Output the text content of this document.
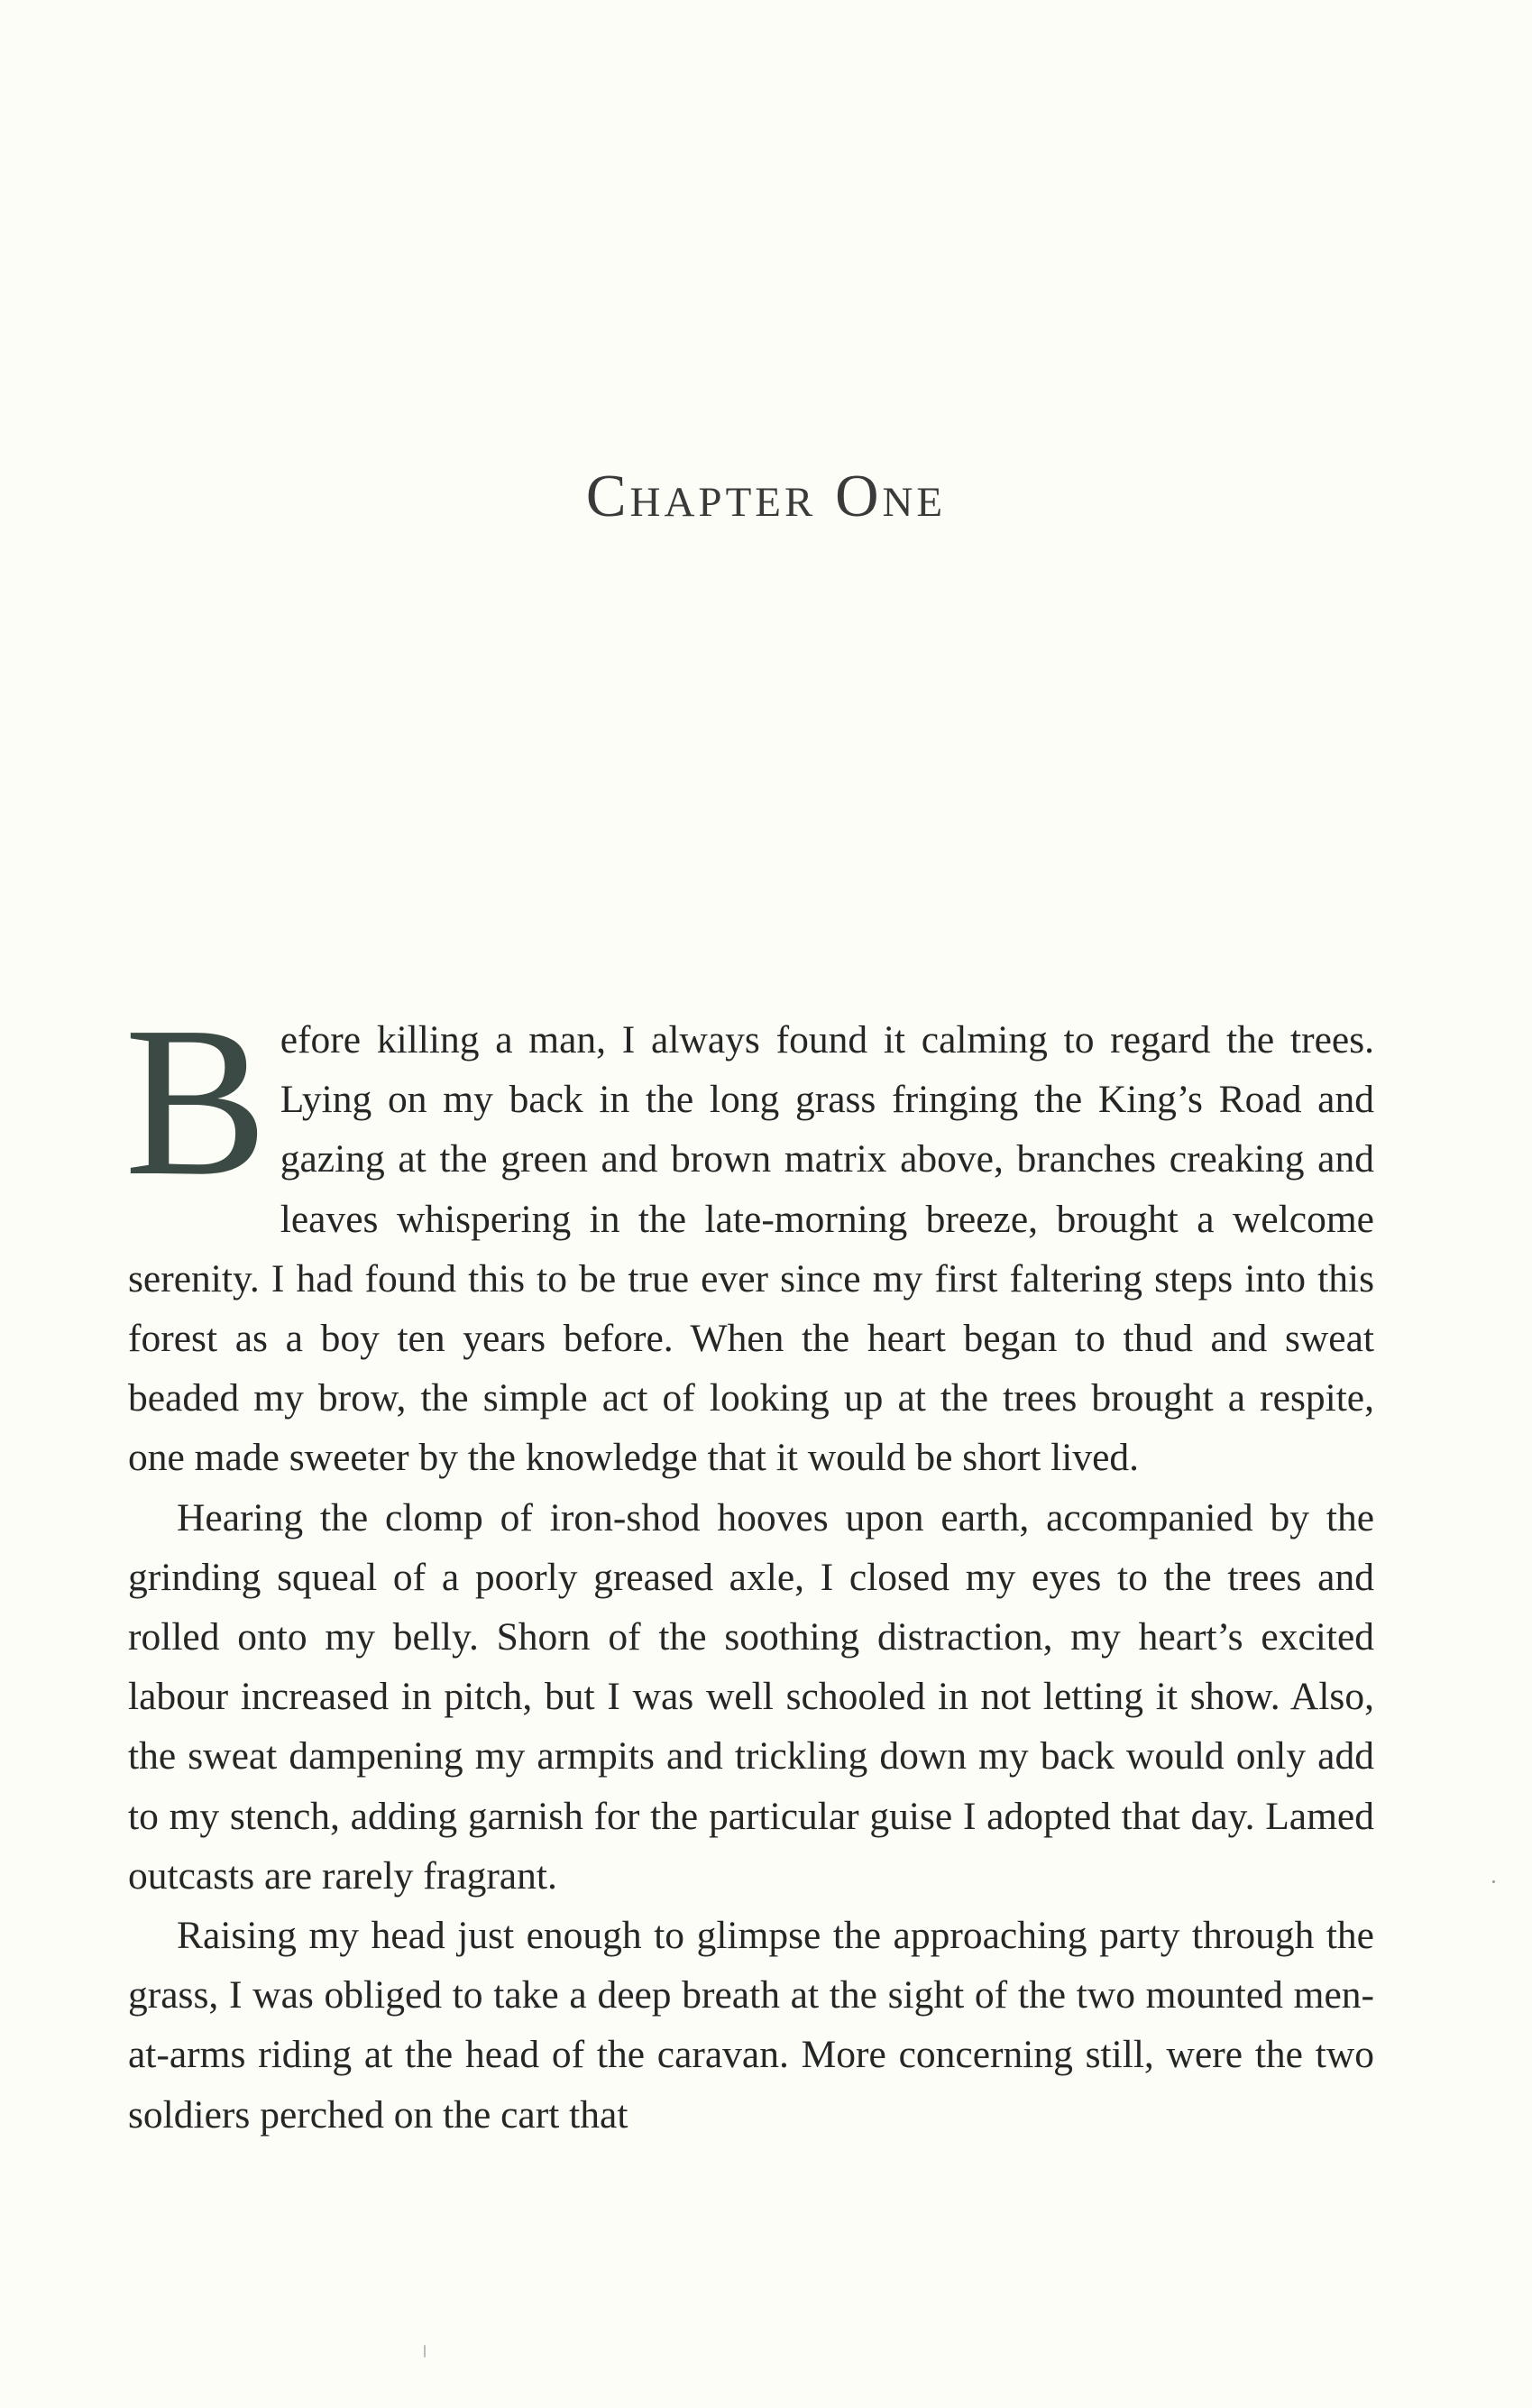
Chapter One

Before killing a man, I always found it calming to regard the trees. Lying on my back in the long grass fringing the King’s Road and gazing at the green and brown matrix above, branches creaking and leaves whispering in the late-morning breeze, brought a welcome serenity. I had found this to be true ever since my first faltering steps into this forest as a boy ten years before. When the heart began to thud and sweat beaded my brow, the simple act of looking up at the trees brought a respite, one made sweeter by the knowledge that it would be short lived.

Hearing the clomp of iron-shod hooves upon earth, accompanied by the grinding squeal of a poorly greased axle, I closed my eyes to the trees and rolled onto my belly. Shorn of the soothing distraction, my heart’s excited labour increased in pitch, but I was well schooled in not letting it show. Also, the sweat dampening my armpits and trickling down my back would only add to my stench, adding garnish for the particular guise I adopted that day. Lamed outcasts are rarely fragrant.

Raising my head just enough to glimpse the approaching party through the grass, I was obliged to take a deep breath at the sight of the two mounted men-at-arms riding at the head of the caravan. More concerning still, were the two soldiers perched on the cart that
